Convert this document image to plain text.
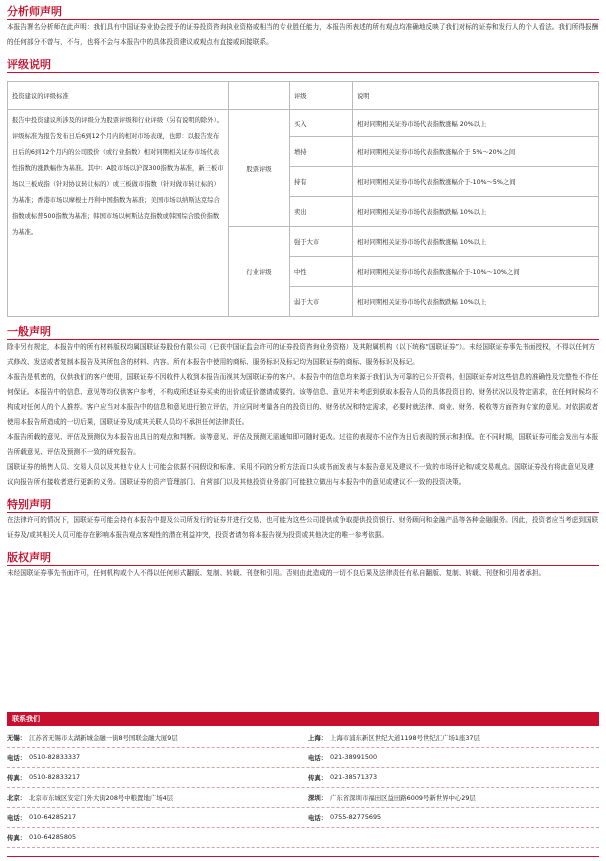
分析师声明
本报告署名分析师在此声明：我们具有中国证券业协会授予的证券投资咨询执业资格或相当的专业胜任能力，本报告所表述的所有观点均准确地反映了我们对标的证券和发行人的个人看法。我们所得报酬的任何部分不曾与，不与，也将不会与本报告中的具体投资建议或观点有直接或间接联系。
评级说明
投资建议的评级标准		评级	说明
报告中投资建议所涉及的评级分为股票评级和行业评级（另有说明的除外）。评级标准为报告发布日后6到12个月内的相对市场表现，也即：以报告发布日后的6到12个月内的公司股价（或行业指数）相对同期相关证券市场代表性指数的涨跌幅作为基准。其中：A股市场以沪深300指数为基准，新三板市场以三板成指（针对协议转让标的）或三板做市指数（针对做市转让标的）为基准；香港市场以摩根士丹利中国指数为基准；美国市场以纳斯达克综合指数或标普500指数为基准；韩国市场以柯斯达克指数或韩国综合股价指数为基准。	股票评级	买入	相对同期相关证券市场代表指数涨幅 20%以上
		增持	相对同期相关证券市场代表指数涨幅介于 5%～20%之间
		持有	相对同期相关证券市场代表指数涨幅介于-10%～5%之间
		卖出	相对同期相关证券市场代表指数跌幅 10%以上
	行业评级	强于大市	相对同期相关证券市场代表指数涨幅 10%以上
		中性	相对同期相关证券市场代表指数涨幅介于-10%～10%之间
		弱于大市	相对同期相关证券市场代表指数跌幅 10%以上
一般声明
除非另有规定，本报告中的所有材料版权均属国联证券股份有限公司（已获中国证监会许可的证券投资咨询业务资格）及其附属机构（以下统称“国联证券”）。未经国联证券事先书面授权，不得以任何方式修改、发送或者复制本报告及其所包含的材料、内容。所有本报告中使用的商标、服务标识及标记均为国联证券的商标、服务标识及标记。
本报告是机密的，仅供我们的客户使用，国联证券不因收件人收到本报告而视其为国联证券的客户。本报告中的信息均来源于我们认为可靠的已公开资料，但国联证券对这些信息的准确性及完整性不作任何保证。本报告中的信息、意见等均仅供客户参考，不构成所述证券买卖的出价或征价邀请或要约。该等信息、意见并未考虑到获取本报告人员的具体投资目的、财务状况以及特定需求，在任何时候均不构成对任何人的个人推荐。客户应当对本报告中的信息和意见进行独立评估，并应同时考量各自的投资目的、财务状况和特定需求，必要时就法律、商业、财务、税收等方面咨询专家的意见。对依据或者使用本报告所造成的一切后果，国联证券及/或其关联人员均不承担任何法律责任。
本报告所载的意见、评估及预测仅为本报告出具日的观点和判断。该等意见、评估及预测无需通知即可随时更改。过往的表现亦不应作为日后表现的预示和担保。在不同时期，国联证券可能会发出与本报告所载意见、评估及预测不一致的研究报告。
国联证券的销售人员、交易人员以及其他专业人士可能会依据不同假设和标准、采用不同的分析方法而口头或书面发表与本报告意见及建议不一致的市场评论和/或交易观点。国联证券没有将此意见及建议向报告所有接收者进行更新的义务。国联证券的资产管理部门、自营部门以及其他投资业务部门可能独立做出与本报告中的意见或建议不一致的投资决策。
特别声明
在法律许可的情况下，国联证券可能会持有本报告中提及公司所发行的证券并进行交易，也可能为这些公司提供或争取提供投资银行、财务顾问和金融产品等各种金融服务。因此，投资者应当考虑到国联证券及/或其相关人员可能存在影响本报告观点客观性的潜在利益冲突，投资者请勿将本报告视为投资或其他决定的唯一参考依据。
版权声明
未经国联证券事先书面许可，任何机构或个人不得以任何形式翻版、复制、转载、刊登和引用。否则由此造成的一切不良后果及法律责任有私自翻版、复制、转载、刊登和引用者承担。
联系我们
无锡： 江苏省无锡市太湖新城金融一街8号国联金融大厦9层	上海： 上海市浦东新区世纪大道1198号世纪汇广场1座37层
电话： 0510-82833337	电话： 021-38991500
传真： 0510-82833217	传真： 021-38571373
北京： 北京市东城区安定门外大街208号中粮置地广场4层	深圳： 广东省深圳市福田区益田路6009号新世界中心29层
电话： 010-64285217	电话： 0755-82775695
传真： 010-64285805
